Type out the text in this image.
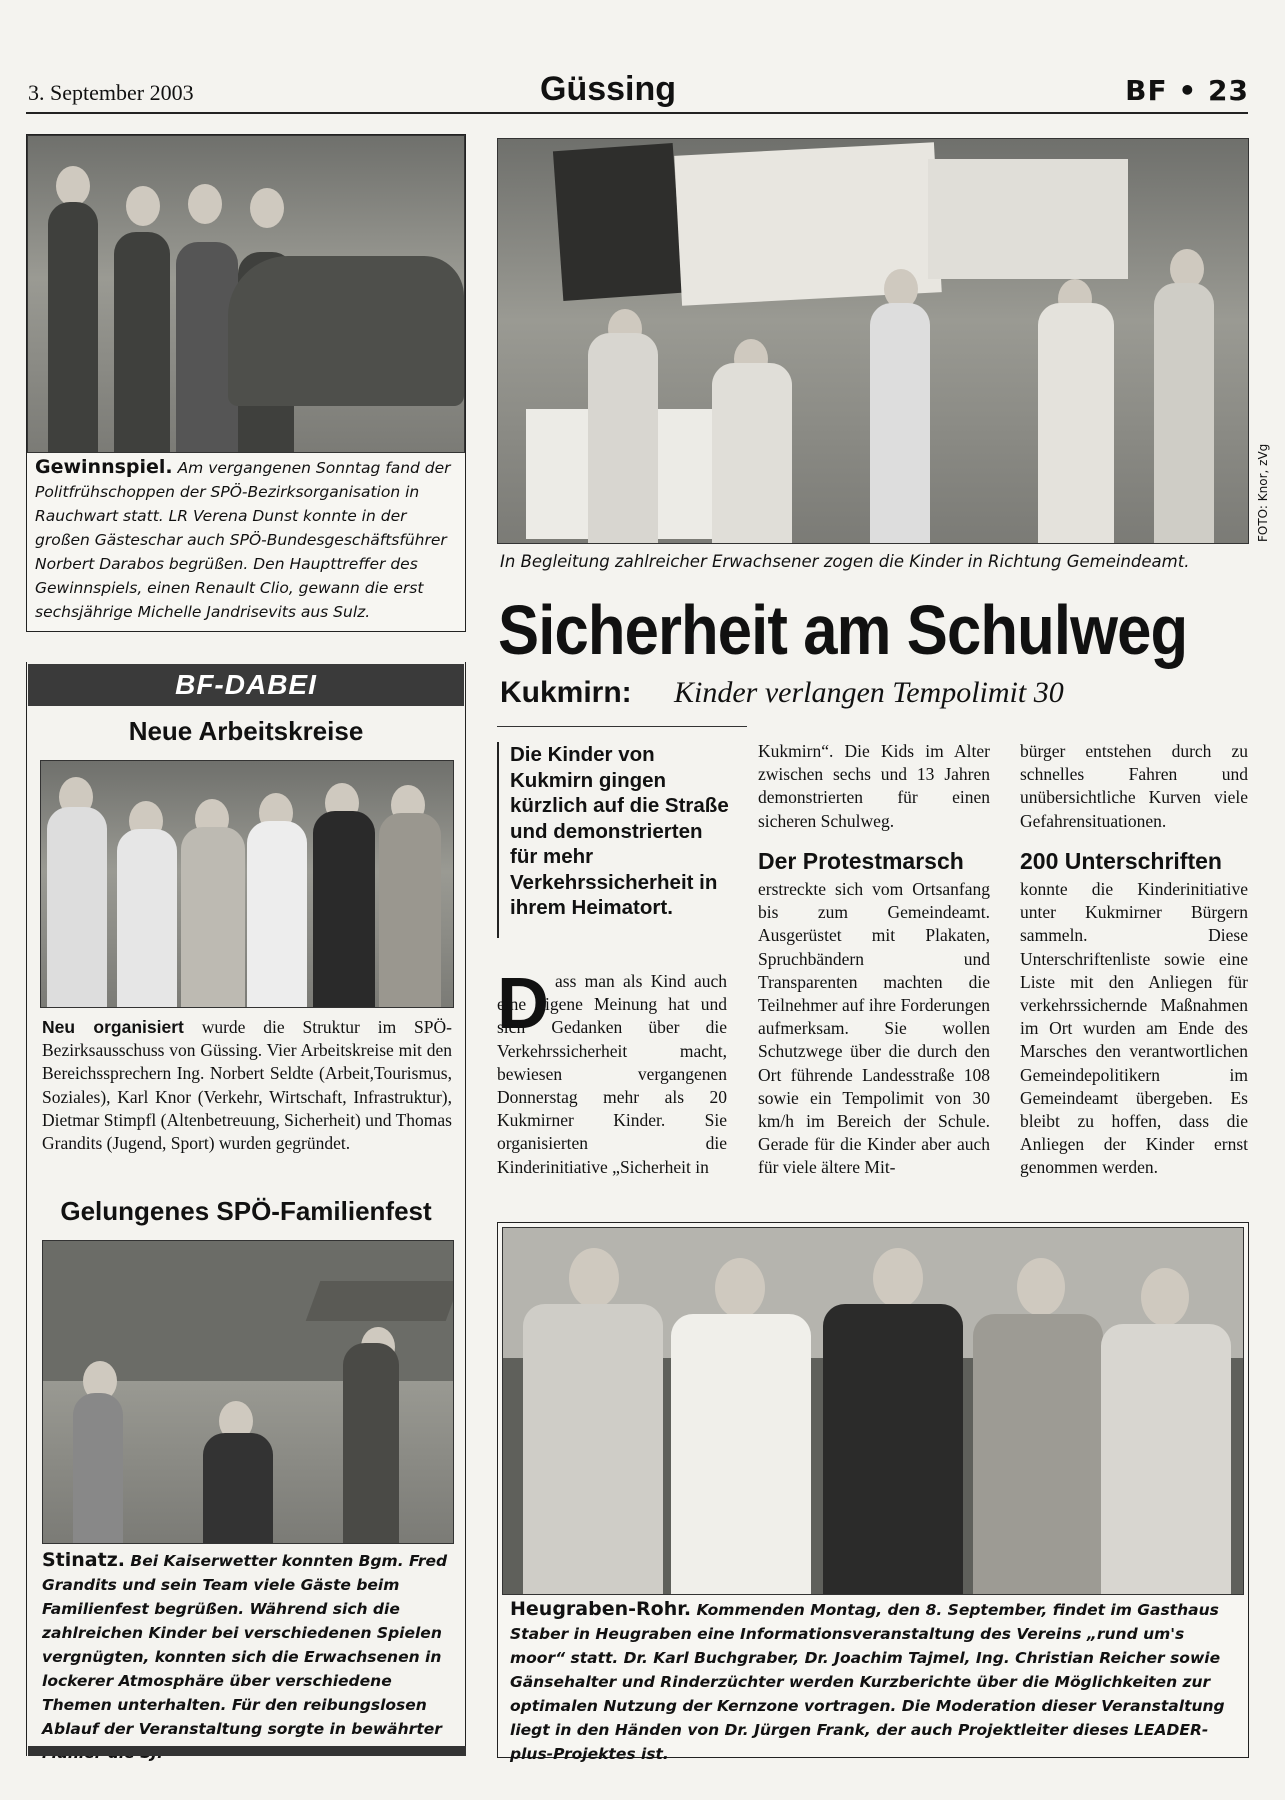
3. September 2003	Güssing	BF • 23
Gewinnspiel. Am vergangenen Sonntag fand der Politfrühschoppen der SPÖ-Bezirksorganisation in Rauchwart statt. LR Verena Dunst konnte in der großen Gästeschar auch SPÖ-Bundesgeschäftsführer Norbert Darabos begrüßen. Den Haupttreffer des Gewinnspiels, einen Renault Clio, gewann die erst sechsjährige Michelle Jandrisevits aus Sulz.
BF-DABEI
Neue Arbeitskreise
Neu organisiert wurde die Struktur im SPÖ-Bezirksausschuss von Güssing. Vier Arbeitskreise mit den Bereichssprechern Ing. Norbert Seldte (Arbeit,Tourismus, Soziales), Karl Knor (Verkehr, Wirtschaft, Infrastruktur), Dietmar Stimpfl (Altenbetreuung, Sicherheit) und Thomas Grandits (Jugend, Sport) wurden gegründet.
Gelungenes SPÖ-Familienfest
Stinatz. Bei Kaiserwetter konnten Bgm. Fred Grandits und sein Team viele Gäste beim Familienfest begrüßen. Während sich die zahlreichen Kinder bei verschiedenen Spielen vergnügten, konnten sich die Erwachsenen in lockerer Atmosphäre über verschiedene Themen unterhalten. Für den reibungslosen Ablauf der Veranstaltung sorgte in bewährter
FOTO: Knor, zVg
In Begleitung zahlreicher Erwachsener zogen die Kinder in Richtung Gemeindeamt.
Sicherheit am Schulweg
Kukmirn: Kinder verlangen Tempolimit 30
Die Kinder von Kukmirn gingen kürzlich auf die Straße und demonstrierten für mehr Verkehrssicherheit in ihrem Heimatort.
D ass man als Kind auch eine eigene Meinung hat und sich Gedanken über die Verkehrssicherheit macht, bewiesen vergangenen Donnerstag mehr als 20 Kukmirner Kinder. Sie organisierten die Kinderinitiative „Sicherheit in
Kukmirn“. Die Kids im Alter zwischen sechs und 13 Jahren demonstrierten für einen sicheren Schulweg.
Der Protestmarsch
erstreckte sich vom Ortsanfang bis zum Gemeindeamt. Ausgerüstet mit Plakaten, Spruchbändern und Transparenten machten die Teilnehmer auf ihre Forderungen aufmerksam. Sie wollen Schutzwege über die durch den Ort führende Landesstraße 108 sowie ein Tempolimit von 30 km/h im Bereich der Schule. Gerade für die Kinder aber auch für viele ältere Mit-
bürger entstehen durch zu schnelles Fahren und unübersichtliche Kurven viele Gefahrensituationen.
200 Unterschriften
konnte die Kinderinitiative unter Kukmirner Bürgern sammeln. Diese Unterschriftenliste sowie eine Liste mit den Anliegen für verkehrssichernde Maßnahmen im Ort wurden am Ende des Marsches den verantwortlichen Gemeindepolitikern im Gemeindeamt übergeben. Es bleibt zu hoffen, dass die Anliegen der Kinder ernst genommen werden.
Heugraben-Rohr. Kommenden Montag, den 8. September, findet im Gasthaus Staber in Heugraben eine Informationsveranstaltung des Vereins „rund um's moor“ statt. Dr. Karl Buchgraber, Dr. Joachim Tajmel, Ing. Christian Reicher sowie Gänsehalter und Rinderzüchter werden Kurzberichte über die Möglichkeiten zur optimalen Nutzung der Kernzone vortragen. Die Moderation dieser Veranstaltung liegt in den Händen von Dr. Jürgen Frank, der auch Projektleiter dieses LEADER-plus-Projektes ist.
